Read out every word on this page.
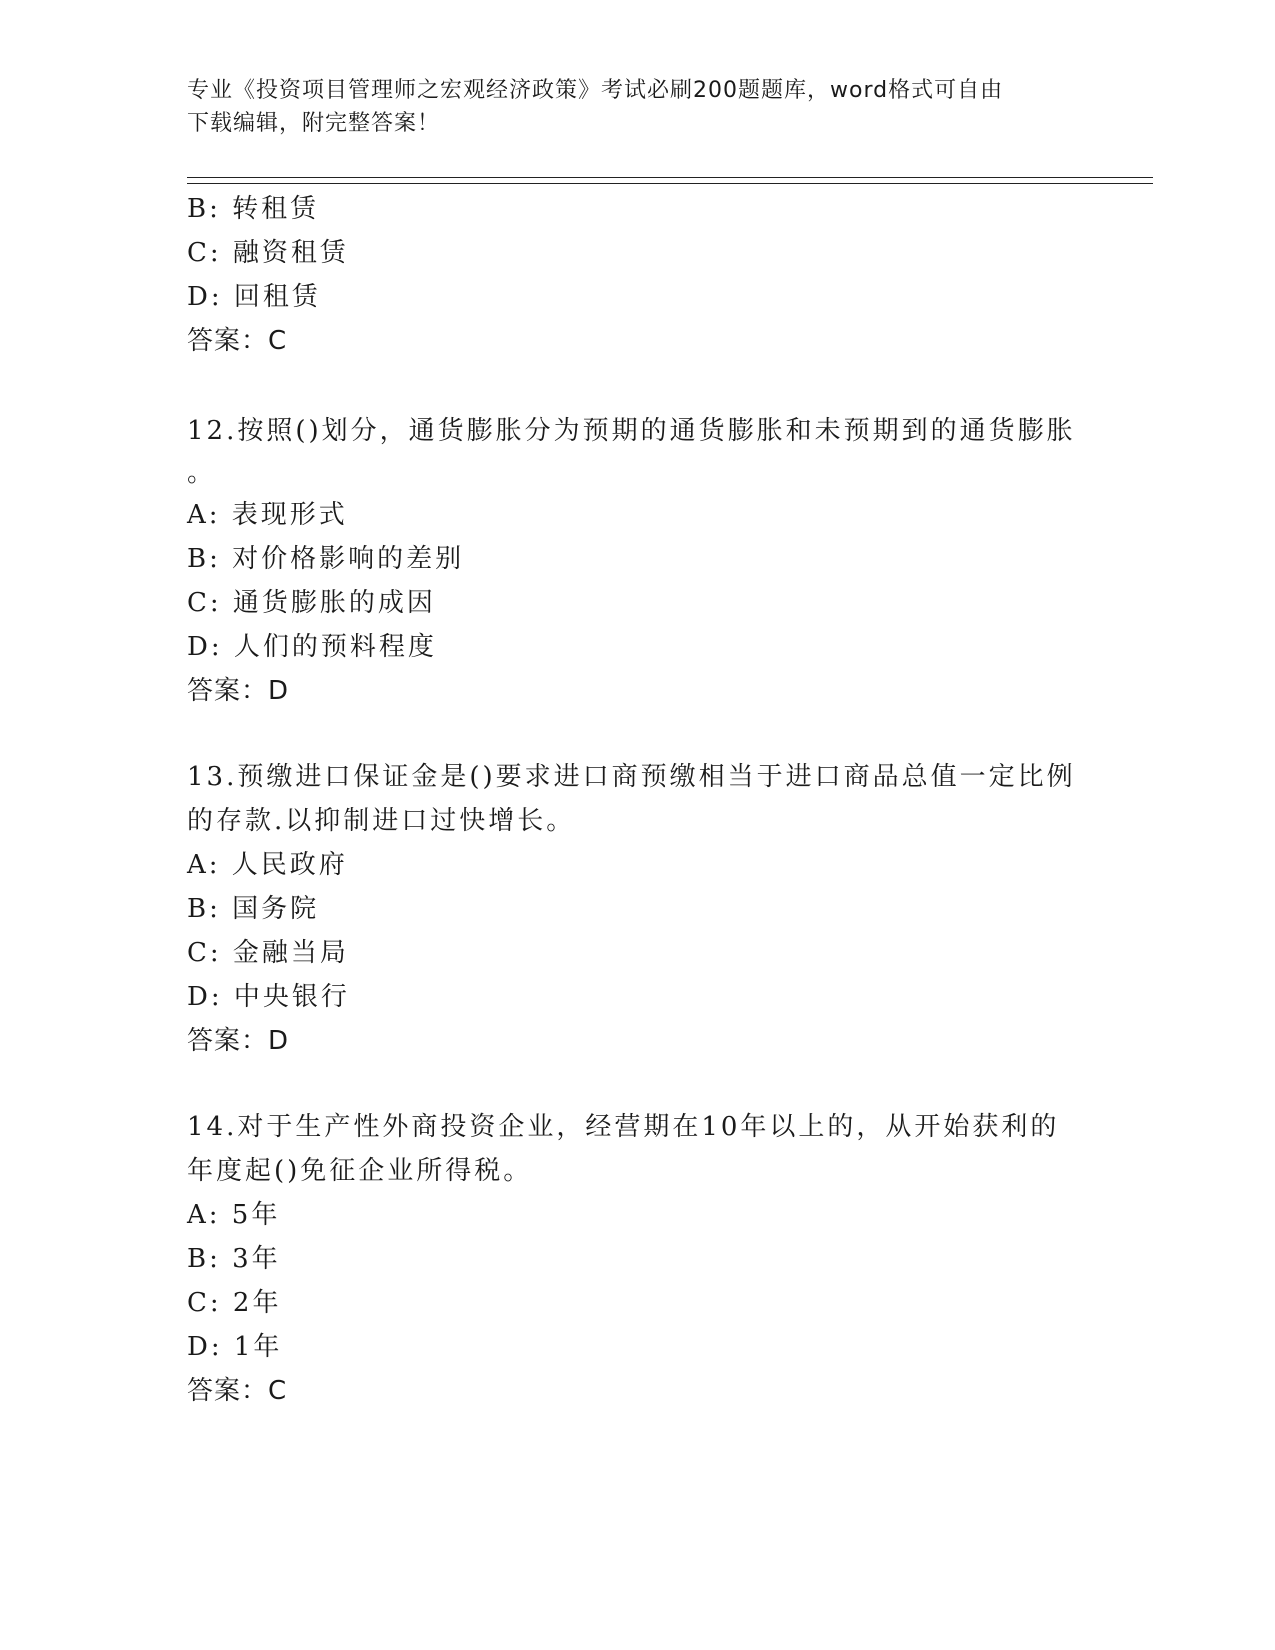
专业《投资项目管理师之宏观经济政策》考试必刷200题题库，word格式可自由
下载编辑，附完整答案！
B: 转租赁
C: 融资租赁
D: 回租赁
答案：C
12.按照()划分，通货膨胀分为预期的通货膨胀和未预期到的通货膨胀
。
A: 表现形式
B: 对价格影响的差别
C: 通货膨胀的成因
D: 人们的预料程度
答案：D
13.预缴进口保证金是()要求进口商预缴相当于进口商品总值一定比例
的存款.以抑制进口过快增长。
A: 人民政府
B: 国务院
C: 金融当局
D: 中央银行
答案：D
14.对于生产性外商投资企业，经营期在10年以上的，从开始获利的
年度起()免征企业所得税。
A: 5年
B: 3年
C: 2年
D: 1年
答案：C
